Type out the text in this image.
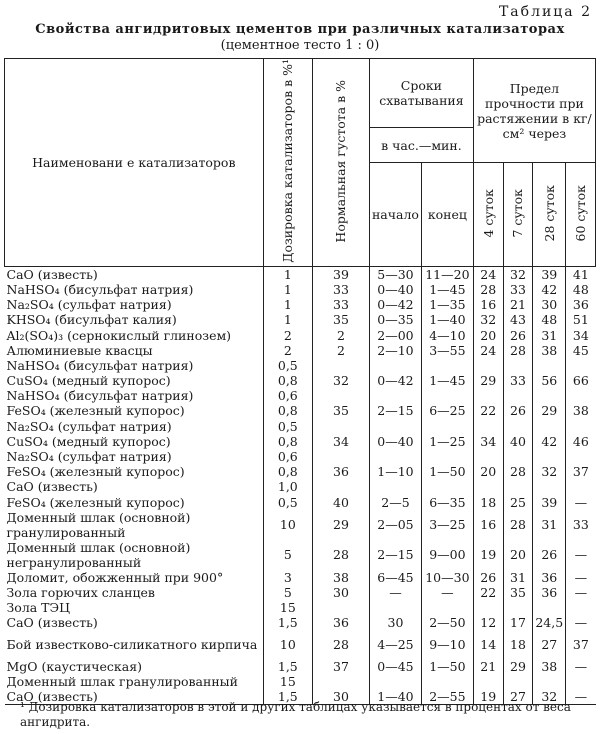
Таблица 2
Свойства ангидритовых цементов при различных катализаторах
(цементное тесто 1 : 0)
Наименовани е катализаторов	Дозировка катализаторов в %¹	Нормальная густота в %	Сроки схватывания		Предел прочности при растяжении в кг/см² через			
			в час.—мин.					
			начало	конец	4 суток	7 суток	28 суток	60 суток
CaO (известь)	1	39	5—30	11—20	24	32	39	41
NaHSO₄ (бисульфат натрия)	1	33	0—40	1—45	28	33	42	48
Na₂SO₄ (сульфат натрия)	1	33	0—42	1—35	16	21	30	36
KHSO₄ (бисульфат калия)	1	35	0—35	1—40	32	43	48	51
Al₂(SO₄)₃ (сернокислый глинозем)	2	2	2—00	4—10	20	26	31	34
Алюминиевые квасцы	2	2	2—10	3—55	24	28	38	45
NaHSO₄ (бисульфат натрия)	0,5							
CuSO₄ (медный купорос)	0,8	32	0—42	1—45	29	33	56	66
NaHSO₄ (бисульфат натрия)	0,6							
FeSO₄ (железный купорос)	0,8	35	2—15	6—25	22	26	29	38
Na₂SO₄ (сульфат натрия)	0,5							
CuSO₄ (медный купорос)	0,8	34	0—40	1—25	34	40	42	46
Na₂SO₄ (сульфат натрия)	0,6							
FeSO₄ (железный купорос)	0,8	36	1—10	1—50	20	28	32	37
CaO (известь)	1,0							
FeSO₄ (железный купорос)	0,5	40	2—5	6—35	18	25	39	—
Доменный шлак (основной) гранулированный	10	29	2—05	3—25	16	28	31	33
Доменный шлак (основной) негранулированный	5	28	2—15	9—00	19	20	26	—
Доломит, обожженный при 900°	3	38	6—45	10—30	26	31	36	—
Зола горючих сланцев	5	30	—	—	22	35	36	—
Зола ТЭЦ	15							
CaO (известь)	1,5	36	30	2—50	12	17	24,5	—
Бой известково-силикатного кирпича	10	28	4—25	9—10	14	18	27	37
MgO (каустическая)	1,5	37	0—45	1—50	21	29	38	—
Доменный шлак гранулированный	15							
CaO (известь)	1,5	30	1—40	2—55	19	27	32	—
¹ Дозировка катализаторов в этой и других таблицах указывается в процентах от веса ангидрита.
